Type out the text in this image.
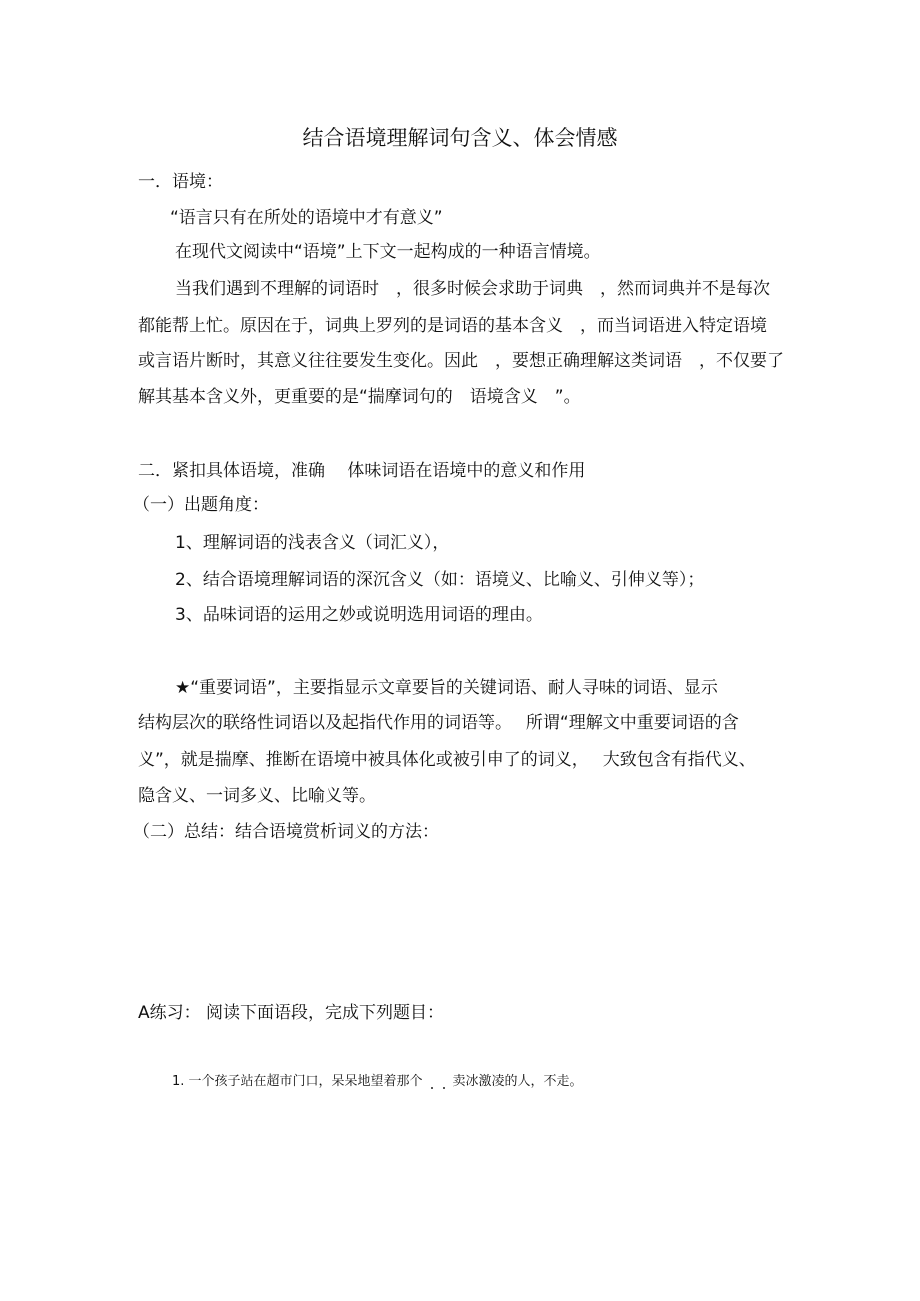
结合语境理解词句含义、体会情感
一．语境：
“语言只有在所处的语境中才有意义”
在现代文阅读中“语境”上下文一起构成的一种语言情境。
当我们遇到不理解的词语时　，很多时候会求助于词典　，然而词典并不是每次
都能帮上忙。原因在于，词典上罗列的是词语的基本含义　，而当词语进入特定语境
或言语片断时，其意义往往要发生变化。因此　，要想正确理解这类词语　，不仅要了
解其基本含义外，更重要的是“揣摩词句的　语境含义　”。
二．紧扣具体语境，准确　 体味词语在语境中的意义和作用
（一）出题角度：
1、理解词语的浅表含义（词汇义），
2、结合语境理解词语的深沉含义（如：语境义、比喻义、引伸义等）；
3、品味词语的运用之妙或说明选用词语的理由。
★“重要词语”，主要指显示文章要旨的关键词语、耐人寻味的词语、显示
结构层次的联络性词语以及起指代作用的词语等。　 所谓“理解文中重要词语的含
义”，就是揣摩、推断在语境中被具体化或被引申了的词义，　 大致包含有指代义、
隐含义、一词多义、比喻义等。
（二）总结：结合语境赏析词义的方法：
A练习： 阅读下面语段，完成下列题目：
1. 一个孩子站在超市门口，呆呆地望着那个 卖冰激凌的人，不走。
